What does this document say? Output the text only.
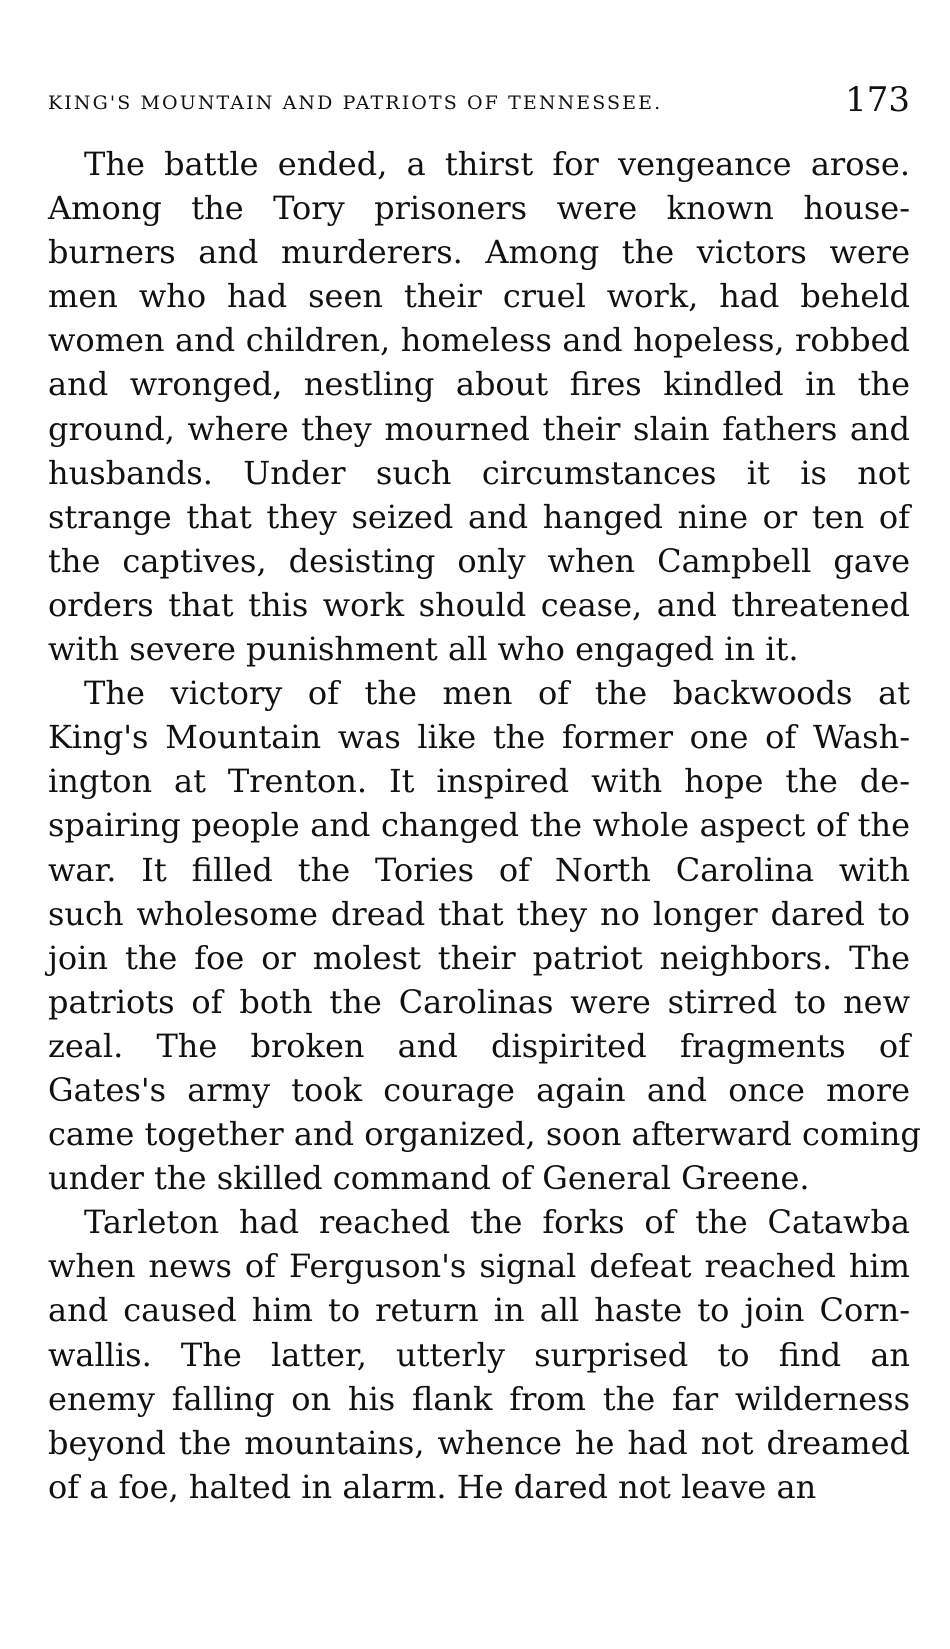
KING'S MOUNTAIN AND PATRIOTS OF TENNESSEE.	173
The battle ended, a thirst for vengeance arose.
Among the Tory prisoners were known house-
burners and murderers. Among the victors were
men who had seen their cruel work, had beheld
women and children, homeless and hopeless, robbed
and wronged, nestling about fires kindled in the
ground, where they mourned their slain fathers and
husbands. Under such circumstances it is not
strange that they seized and hanged nine or ten of
the captives, desisting only when Campbell gave
orders that this work should cease, and threatened
with severe punishment all who engaged in it.
The victory of the men of the backwoods at
King's Mountain was like the former one of Wash-
ington at Trenton. It inspired with hope the de-
spairing people and changed the whole aspect of the
war. It filled the Tories of North Carolina with
such wholesome dread that they no longer dared to
join the foe or molest their patriot neighbors. The
patriots of both the Carolinas were stirred to new
zeal. The broken and dispirited fragments of
Gates's army took courage again and once more
came together and organized, soon afterward coming
under the skilled command of General Greene.
Tarleton had reached the forks of the Catawba
when news of Ferguson's signal defeat reached him
and caused him to return in all haste to join Corn-
wallis. The latter, utterly surprised to find an
enemy falling on his flank from the far wilderness
beyond the mountains, whence he had not dreamed
of a foe, halted in alarm. He dared not leave an
